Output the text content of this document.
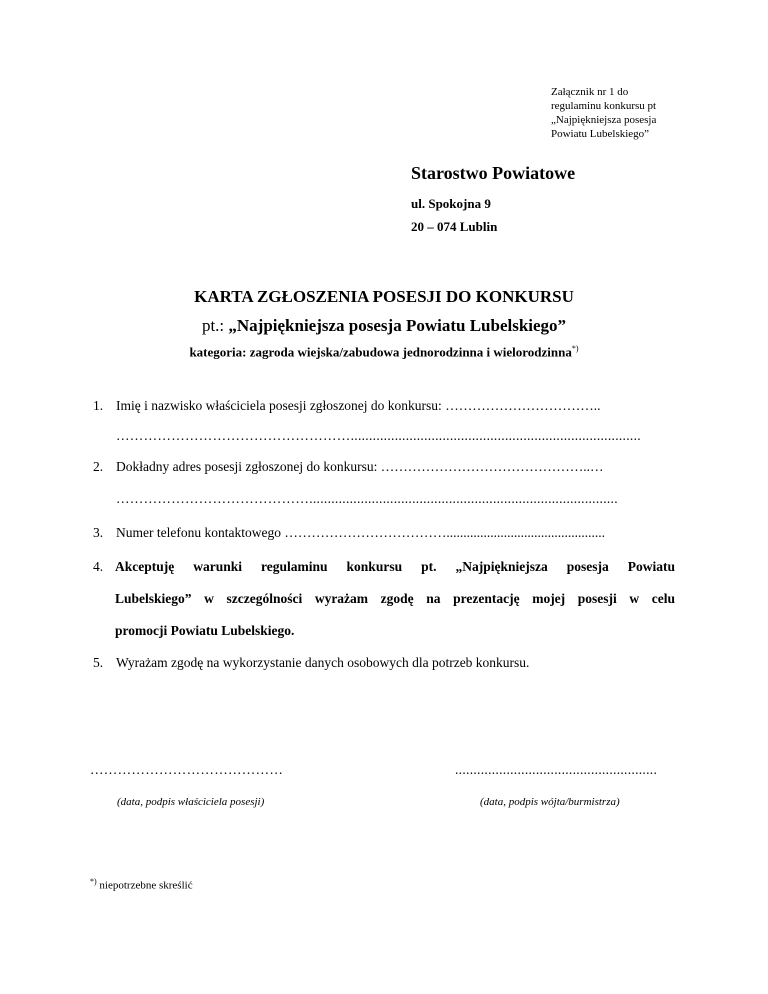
Załącznik nr 1 do
regulaminu konkursu pt
„Najpiękniejsza posesja
Powiatu Lubelskiego”
Starostwo Powiatowe
ul. Spokojna 9
20 – 074 Lublin
KARTA ZGŁOSZENIA POSESJI DO KONKURSU
pt.: „Najpiękniejsza posesja Powiatu Lubelskiego”
kategoria: zagroda wiejska/zabudowa jednorodzinna i wielorodzinna*)
1. Imię i nazwisko właściciela posesji zgłoszonej do konkursu: ……………………………..
……………………………………………...............................................................................
2. Dokładny adres posesji zgłoszonej do konkursu: ………………………………………..…
……………………………………....................................................................................
3. Numer telefonu kontaktowego ………………………………...............................................
4. Akceptuję warunki regulaminu konkursu pt. „Najpiękniejsza posesja Powiatu
Lubelskiego” w szczególności wyrażam zgodę na prezentację mojej posesji w celu
promocji Powiatu Lubelskiego.
5. Wyrażam zgodę na wykorzystanie danych osobowych dla potrzeb konkursu.
……………………………………
(data, podpis właściciela posesji)
.......................................................
(data, podpis wójta/burmistrza)
*) niepotrzebne skreślić
